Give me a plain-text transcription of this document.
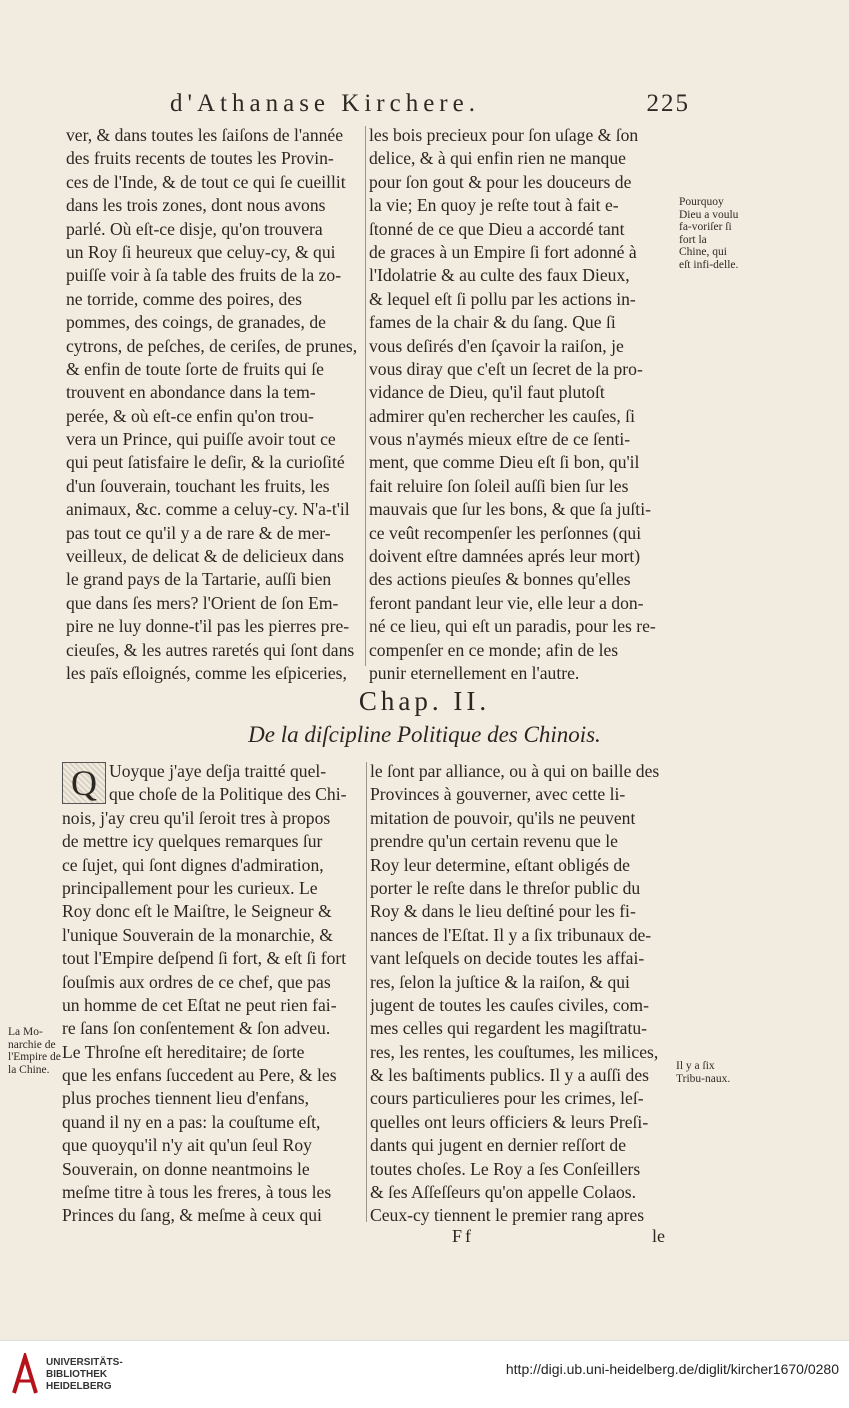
d'Athanase Kirchere.	225
ver, & dans toutes les ſaiſons de l'année
des fruits recents de toutes les Provin-
ces de l'Inde, & de tout ce qui ſe cueillit
dans les trois zones, dont nous avons
parlé. Où eſt-ce disje, qu'on trouvera
un Roy ſi heureux que celuy-cy, & qui
puiſſe voir à ſa table des fruits de la zo-
ne torride, comme des poires, des
pommes, des coings, de granades, de
cytrons, de peſches, de ceriſes, de prunes,
& enfin de toute ſorte de fruits qui ſe
trouvent en abondance dans la tem-
perée, & où eſt-ce enfin qu'on trou-
vera un Prince, qui puiſſe avoir tout ce
qui peut ſatisfaire le deſir, & la curioſité
d'un ſouverain, touchant les fruits, les
animaux, &c. comme a celuy-cy. N'a-t'il
pas tout ce qu'il y a de rare & de mer-
veilleux, de delicat & de delicieux dans
le grand pays de la Tartarie, auſſi bien
que dans ſes mers? l'Orient de ſon Em-
pire ne luy donne-t'il pas les pierres pre-
cieuſes, & les autres raretés qui ſont dans
les païs eſloignés, comme les eſpiceries,
les bois precieux pour ſon uſage & ſon
delice, & à qui enfin rien ne manque
pour ſon gout & pour les douceurs de
la vie; En quoy je reſte tout à fait e-
ſtonné de ce que Dieu a accordé tant
de graces à un Empire ſi fort adonné à
l'Idolatrie & au culte des faux Dieux,
& lequel eſt ſi pollu par les actions in-
fames de la chair & du ſang. Que ſi
vous deſirés d'en ſçavoir la raiſon, je
vous diray que c'eſt un ſecret de la pro-
vidance de Dieu, qu'il faut plutoſt
admirer qu'en rechercher les cauſes, ſi
vous n'aymés mieux eſtre de ce ſenti-
ment, que comme Dieu eſt ſi bon, qu'il
fait reluire ſon ſoleil auſſi bien ſur les
mauvais que ſur les bons, & que ſa juſti-
ce veût recompenſer les perſonnes (qui
doivent eſtre damnées aprés leur mort)
des actions pieuſes & bonnes qu'elles
feront pandant leur vie, elle leur a don-
né ce lieu, qui eſt un paradis, pour les re-
compenſer en ce monde; afin de les
punir eternellement en l'autre.
Pourquoy Dieu a voulu fa-voriſer ſi fort la Chine, qui eſt infi-delle.
Chap. II.
De la diſcipline Politique des Chinois.
Q Uoyque j'aye deſja traitté quel-
que choſe de la Politique des Chi-
nois, j'ay creu qu'il ſeroit tres à propos
de mettre icy quelques remarques ſur
ce ſujet, qui ſont dignes d'admiration,
principallement pour les curieux. Le
Roy donc eſt le Maiſtre, le Seigneur &
l'unique Souverain de la monarchie, &
tout l'Empire deſpend ſi fort, & eſt ſi fort
ſouſmis aux ordres de ce chef, que pas
un homme de cet Eſtat ne peut rien fai-
re ſans ſon conſentement & ſon adveu.
Le Throſne eſt hereditaire; de ſorte
que les enfans ſuccedent au Pere, & les
plus proches tiennent lieu d'enfans,
quand il ny en a pas: la couſtume eſt,
que quoyqu'il n'y ait qu'un ſeul Roy
Souverain, on donne neantmoins le
meſme titre à tous les freres, à tous les
Princes du ſang, & meſme à ceux qui
le ſont par alliance, ou à qui on baille des
Provinces à gouverner, avec cette li-
mitation de pouvoir, qu'ils ne peuvent
prendre qu'un certain revenu que le
Roy leur determine, eſtant obligés de
porter le reſte dans le threſor public du
Roy & dans le lieu deſtiné pour les fi-
nances de l'Eſtat. Il y a ſix tribunaux de-
vant leſquels on decide toutes les affai-
res, ſelon la juſtice & la raiſon, & qui
jugent de toutes les cauſes civiles, com-
mes celles qui regardent les magiſtratu-
res, les rentes, les couſtumes, les milices,
& les baſtiments publics. Il y a auſſi des
cours particulieres pour les crimes, leſ-
quelles ont leurs officiers & leurs Preſi-
dants qui jugent en dernier reſſort de
toutes choſes. Le Roy a ſes Conſeillers
& ſes Aſſeſſeurs qu'on appelle Colaos.
Ceux-cy tiennent le premier rang apres
La Mo-narchie de l'Empire de la Chine.	Il y a ſix Tribu-naux.
Ff	le
UNIVERSITÄTS-
BIBLIOTHEK
HEIDELBERG
http://digi.ub.uni-heidelberg.de/diglit/kircher1670/0280
